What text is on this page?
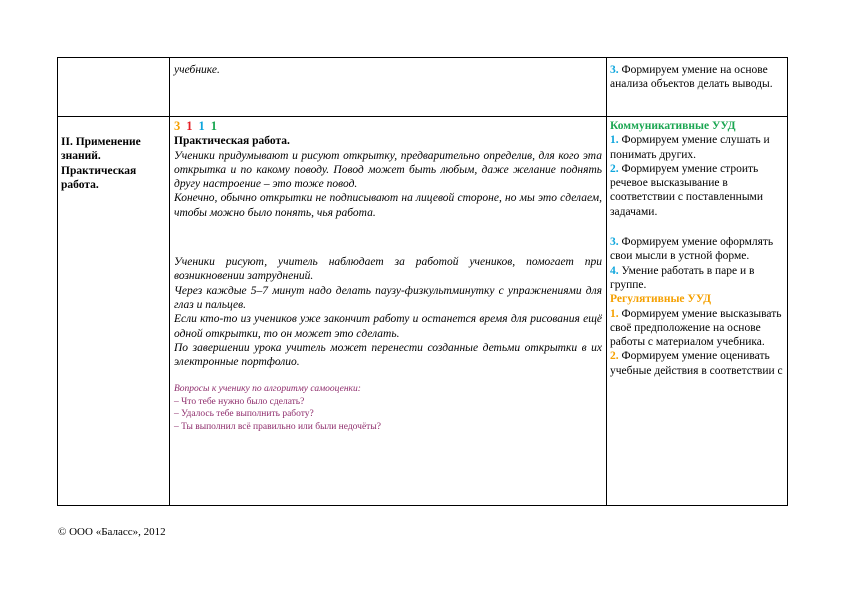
учебнике.	3. Формируем умение на основе анализа объектов делать выводы.
II. Применение знаний. Практическая работа.
3 1 1 1

Практическая работа.

Ученики придумывают и рисуют открытку, предварительно определив, для кого эта открытка и по какому поводу. Повод может быть любым, даже желание поднять другу настроение – это тоже повод.

Конечно, обычно открытки не подписывают на лицевой стороне, но мы это сделаем, чтобы можно было понять, чья работа.

Ученики рисуют, учитель наблюдает за работой учеников, помогает при возникновении затруднений.

Через каждые 5–7 минут надо делать паузу-физкультминутку с упражнениями для глаз и пальцев.

Если кто-то из учеников уже закончит работу и останется время для рисования ещё одной открытки, то он может это сделать.

По завершении урока учитель может перенести созданные детьми открытки в их электронные портфолио.

Вопросы к ученику по алгоритму самооценки:

– Что тебе нужно было сделать?

– Удалось тебе выполнить работу?

– Ты выполнил всё правильно или были недочёты?

Коммуникативные УУД

1. Формируем умение слушать и понимать других.

2. Формируем умение строить речевое высказывание в соответствии с поставленными задачами.

3. Формируем умение оформлять свои мысли в устной форме.

4. Умение работать в паре и в группе.

Регулятивные УУД

1. Формируем умение высказывать своё предположение на основе работы с материалом учебника.

2. Формируем умение оценивать учебные действия в соответствии с

© ООО «Баласс», 2012
